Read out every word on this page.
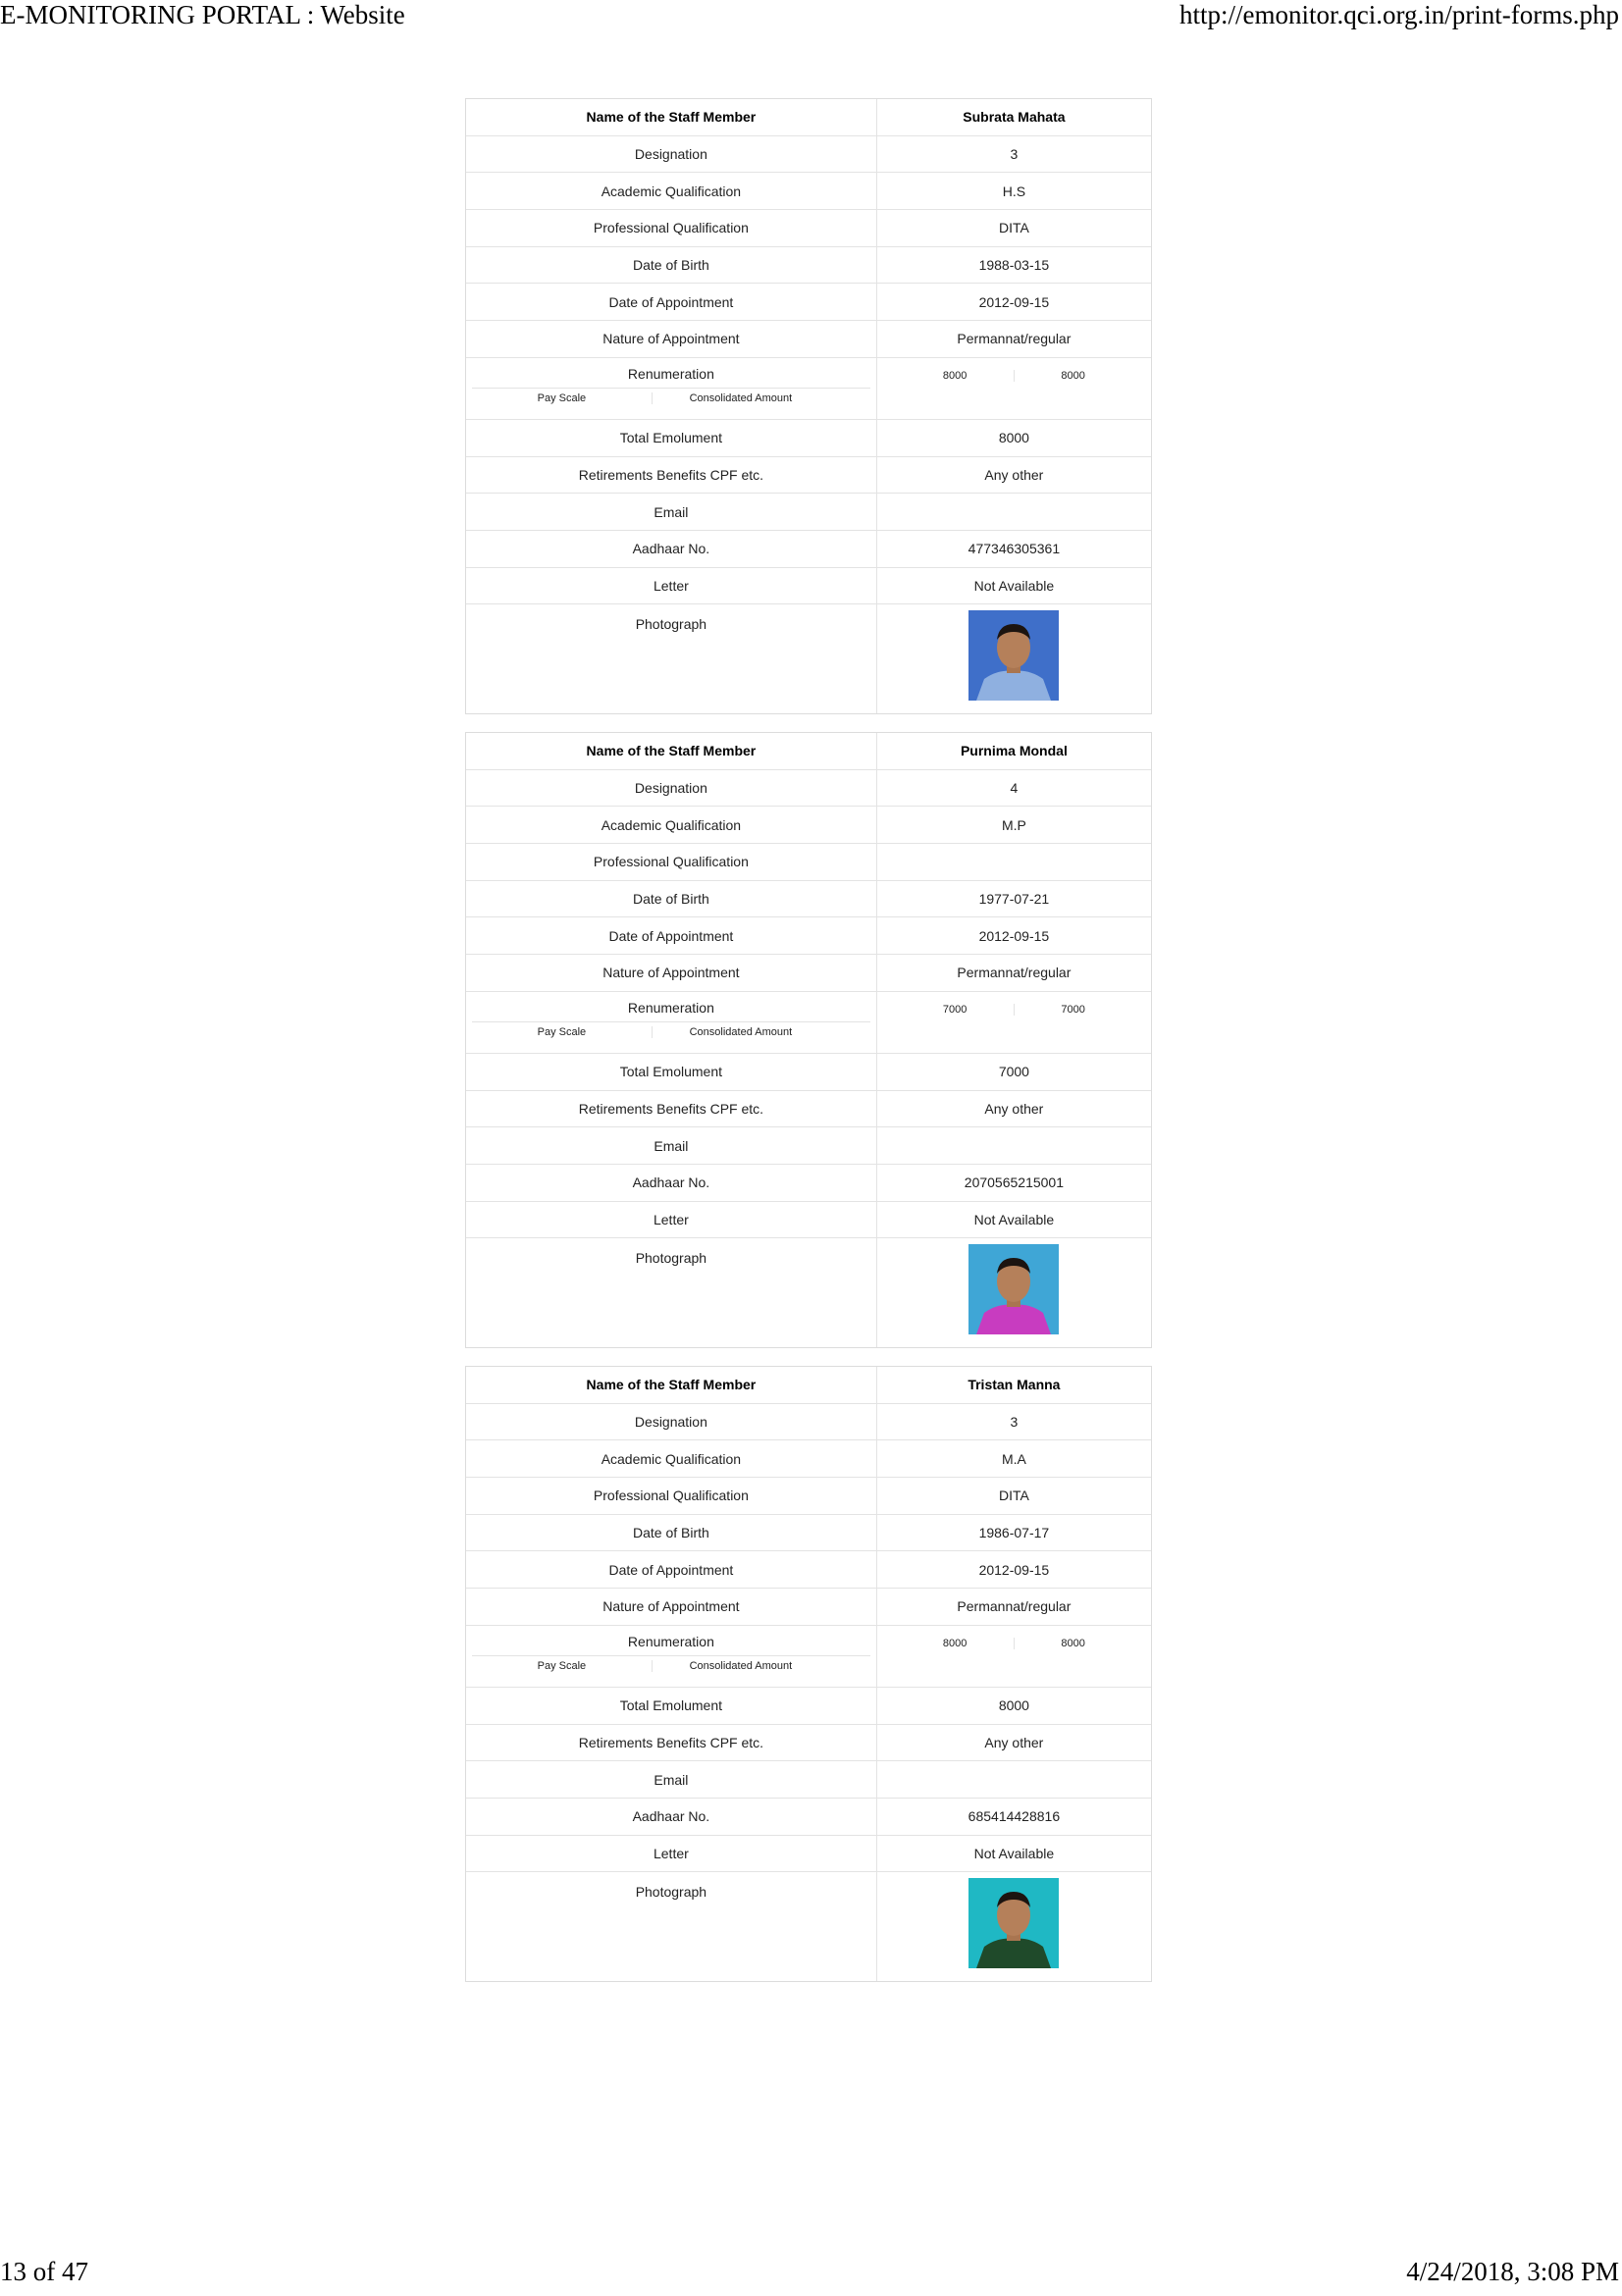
E-MONITORING PORTAL : Website	http://emonitor.qci.org.in/print-forms.php
Name of the Staff Member	Subrata Mahata
Designation	3
Academic Qualification	H.S
Professional Qualification	DITA
Date of Birth	1988-03-15
Date of Appointment	2012-09-15
Nature of Appointment	Permannat/regular
Renumeration
Pay Scale	Consolidated Amount
8000	8000
Total Emolument	8000
Retirements Benefits CPF etc.	Any other
Email
Aadhaar No.	477346305361
Letter	Not Available
Photograph
Name of the Staff Member	Purnima Mondal
Designation	4
Academic Qualification	M.P
Professional Qualification
Date of Birth	1977-07-21
Date of Appointment	2012-09-15
Nature of Appointment	Permannat/regular
Renumeration
Pay Scale	Consolidated Amount
7000	7000
Total Emolument	7000
Retirements Benefits CPF etc.	Any other
Email
Aadhaar No.	2070565215001
Letter	Not Available
Photograph
Name of the Staff Member	Tristan Manna
Designation	3
Academic Qualification	M.A
Professional Qualification	DITA
Date of Birth	1986-07-17
Date of Appointment	2012-09-15
Nature of Appointment	Permannat/regular
Renumeration
Pay Scale	Consolidated Amount
8000	8000
Total Emolument	8000
Retirements Benefits CPF etc.	Any other
Email
Aadhaar No.	685414428816
Letter	Not Available
Photograph
13 of 47	4/24/2018, 3:08 PM
